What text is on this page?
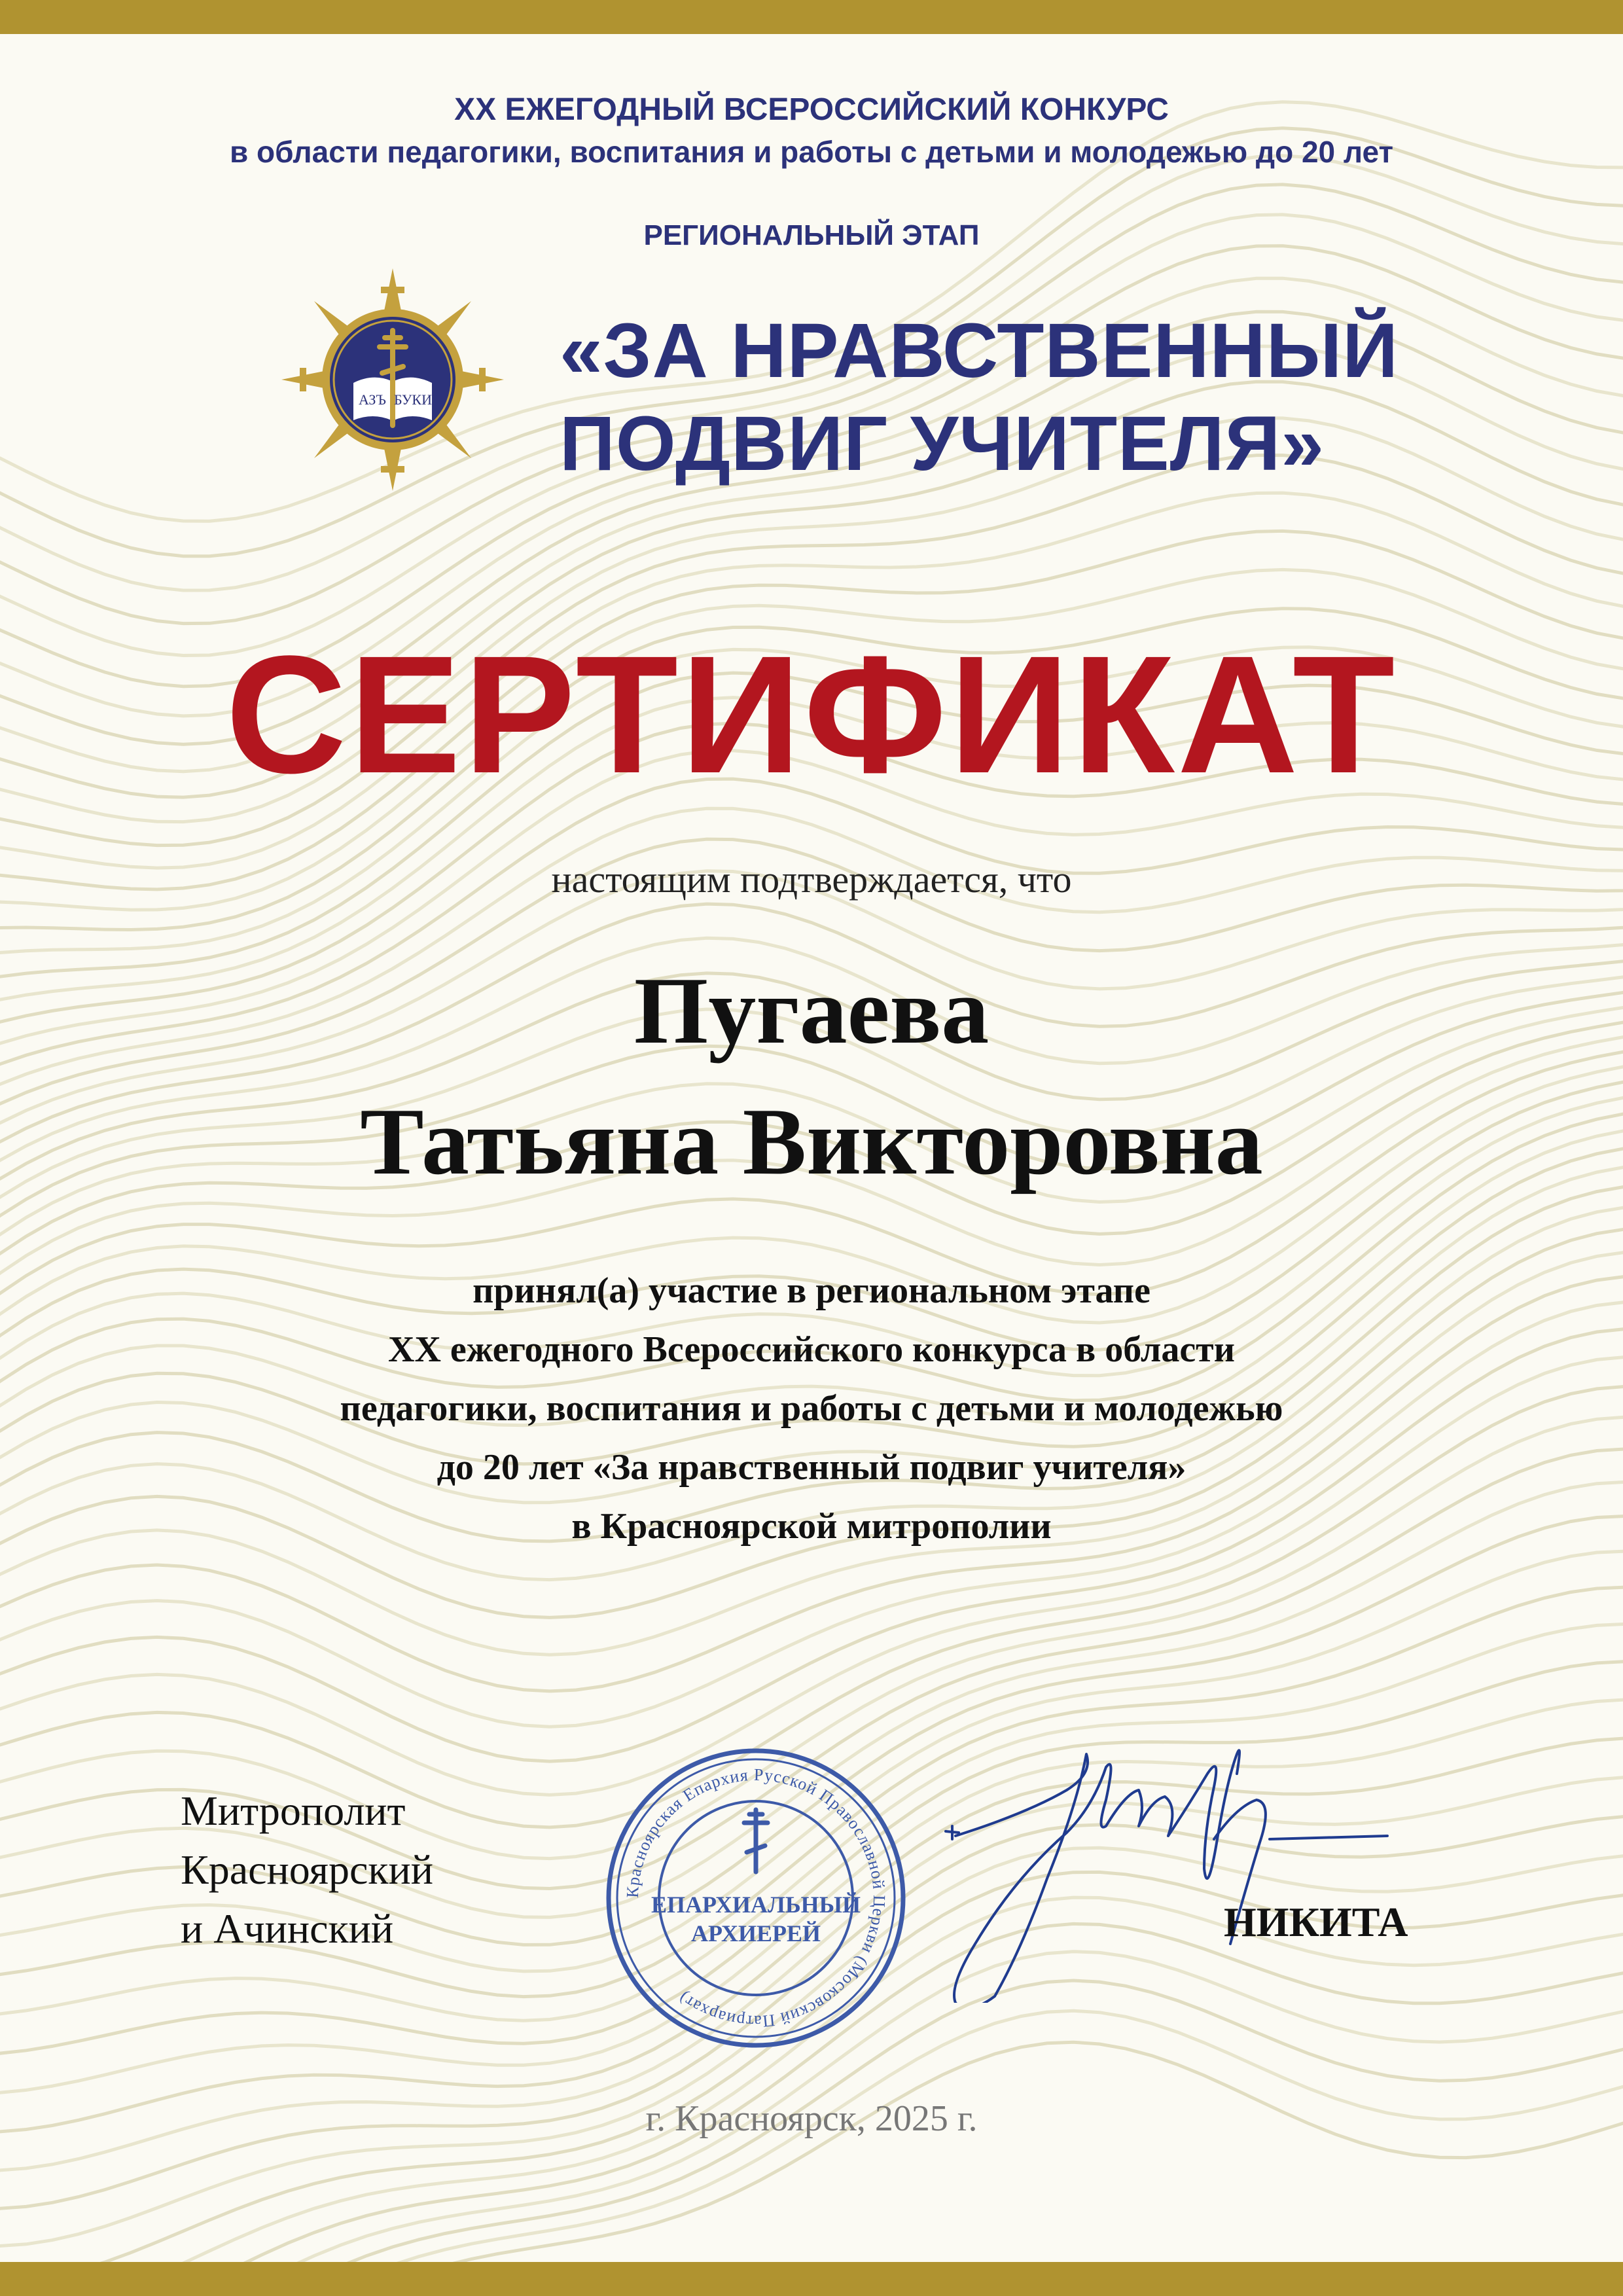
XX ЕЖЕГОДНЫЙ ВСЕРОССИЙСКИЙ КОНКУРС
в области педагогики, воспитания и работы с детьми и молодежью до 20 лет
РЕГИОНАЛЬНЫЙ ЭТАП
АЗЪ БУКИ
«ЗА НРАВСТВЕННЫЙ
ПОДВИГ УЧИТЕЛЯ»
СЕРТИФИКАТ
настоящим подтверждается, что
Пугаева
Татьяна Викторовна
принял(а) участие в региональном этапе
XX ежегодного Всероссийского конкурса в области
педагогики, воспитания и работы с детьми и молодежью
до 20 лет «За нравственный подвиг учителя»
в Красноярской митрополии
Митрополит
Красноярский
и Ачинский
Красноярская Епархия Русской Православной Церкви (Московский Патриархат)
ЕПАРХИАЛЬНЫЙ
АРХИЕРЕЙ	НИКИТА
г. Красноярск, 2025 г.
